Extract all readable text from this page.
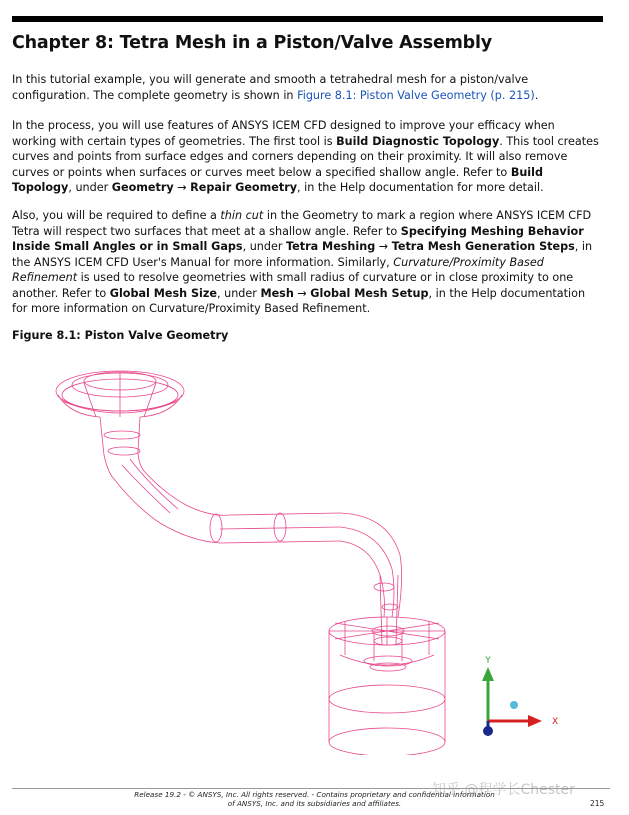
Chapter 8: Tetra Mesh in a Piston/Valve Assembly

In this tutorial example, you will generate and smooth a tetrahedral mesh for a piston/valve configuration. The complete geometry is shown in Figure 8.1: Piston Valve Geometry (p. 215).

In the process, you will use features of ANSYS ICEM CFD designed to improve your efficacy when working with certain types of geometries. The first tool is Build Diagnostic Topology. This tool creates curves and points from surface edges and corners depending on their proximity. It will also remove curves or points when surfaces or curves meet below a specified shallow angle. Refer to Build Topology, under Geometry → Repair Geometry, in the Help documentation for more detail.

Also, you will be required to define a thin cut in the Geometry to mark a region where ANSYS ICEM CFD Tetra will respect two surfaces that meet at a shallow angle. Refer to Specifying Meshing Behavior Inside Small Angles or in Small Gaps, under Tetra Meshing → Tetra Mesh Generation Steps, in the ANSYS ICEM CFD User's Manual for more information. Similarly, Curvature/Proximity Based Refinement is used to resolve geometries with small radius of curvature or in close proximity to one another. Refer to Global Mesh Size, under Mesh → Global Mesh Setup, in the Help documentation for more information on Curvature/Proximity Based Refinement.

Figure 8.1: Piston Valve Geometry

Y
X

Release 19.2 - © ANSYS, Inc. All rights reserved. - Contains proprietary and confidential information

of ANSYS, Inc. and its subsidiaries and affiliates.	215

知乎 @程学长Chester
